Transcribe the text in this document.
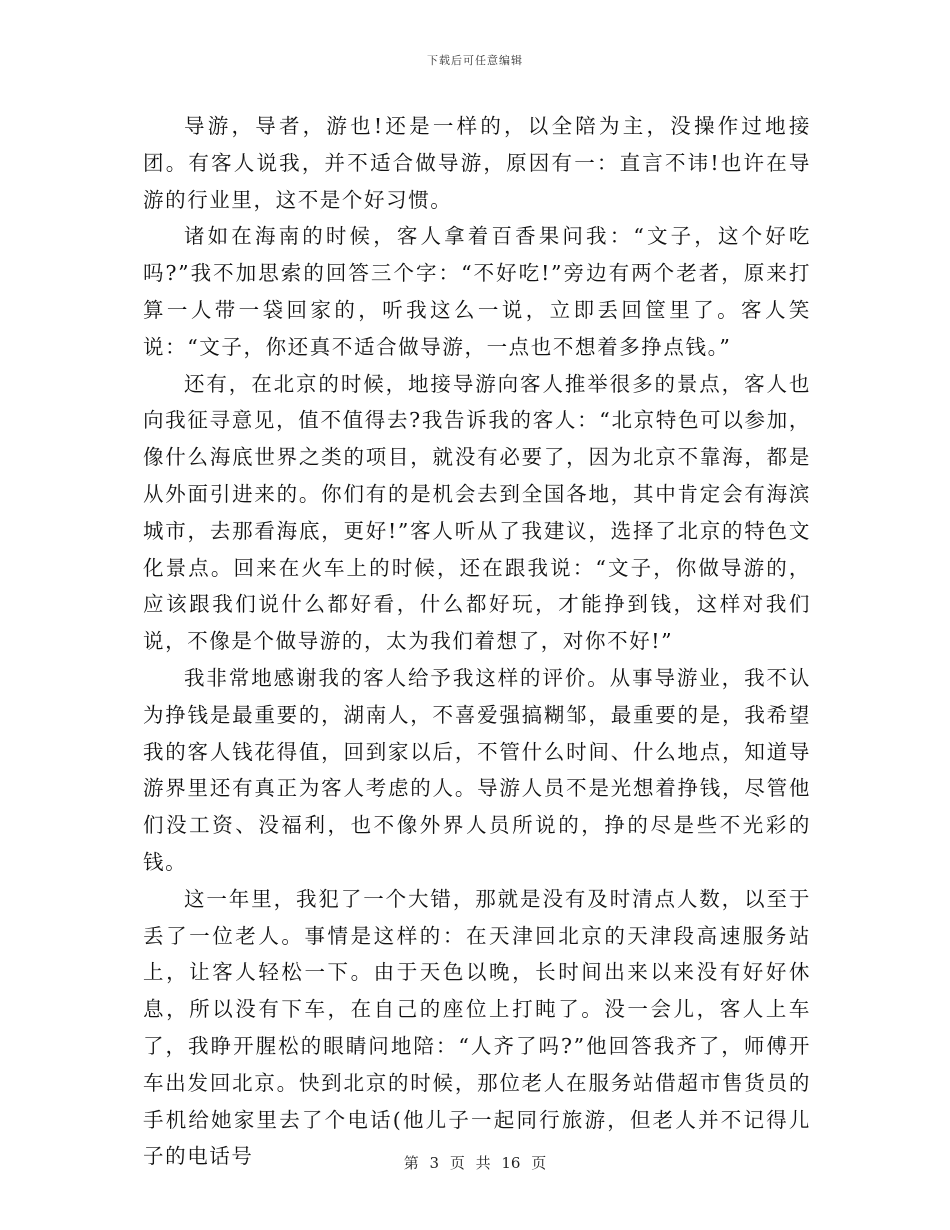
下载后可任意编辑

导游，导者，游也!还是一样的，以全陪为主，没操作过地接团。有客人说我，并不适合做导游，原因有一：直言不讳!也许在导游的行业里，这不是个好习惯。

诸如在海南的时候，客人拿着百香果问我：“文子，这个好吃吗?”我不加思索的回答三个字：“不好吃!”旁边有两个老者，原来打算一人带一袋回家的，听我这么一说，立即丢回筐里了。客人笑说：“文子，你还真不适合做导游，一点也不想着多挣点钱。”

还有，在北京的时候，地接导游向客人推举很多的景点，客人也向我征寻意见，值不值得去?我告诉我的客人：“北京特色可以参加，像什么海底世界之类的项目，就没有必要了，因为北京不靠海，都是从外面引进来的。你们有的是机会去到全国各地，其中肯定会有海滨城市，去那看海底，更好!”客人听从了我建议，选择了北京的特色文化景点。回来在火车上的时候，还在跟我说：“文子，你做导游的，应该跟我们说什么都好看，什么都好玩，才能挣到钱，这样对我们说，不像是个做导游的，太为我们着想了，对你不好!”

我非常地感谢我的客人给予我这样的评价。从事导游业，我不认为挣钱是最重要的，湖南人，不喜爱强搞糊邹，最重要的是，我希望我的客人钱花得值，回到家以后，不管什么时间、什么地点，知道导游界里还有真正为客人考虑的人。导游人员不是光想着挣钱，尽管他们没工资、没福利，也不像外界人员所说的，挣的尽是些不光彩的钱。

这一年里，我犯了一个大错，那就是没有及时清点人数，以至于丢了一位老人。事情是这样的：在天津回北京的天津段高速服务站上，让客人轻松一下。由于天色以晚，长时间出来以来没有好好休息，所以没有下车，在自己的座位上打盹了。没一会儿，客人上车了，我睁开腥松的眼睛问地陪：“人齐了吗?”他回答我齐了，师傅开车出发回北京。快到北京的时候，那位老人在服务站借超市售货员的手机给她家里去了个电话(他儿子一起同行旅游，但老人并不记得儿子的电话号	第 3 页 共 16 页
